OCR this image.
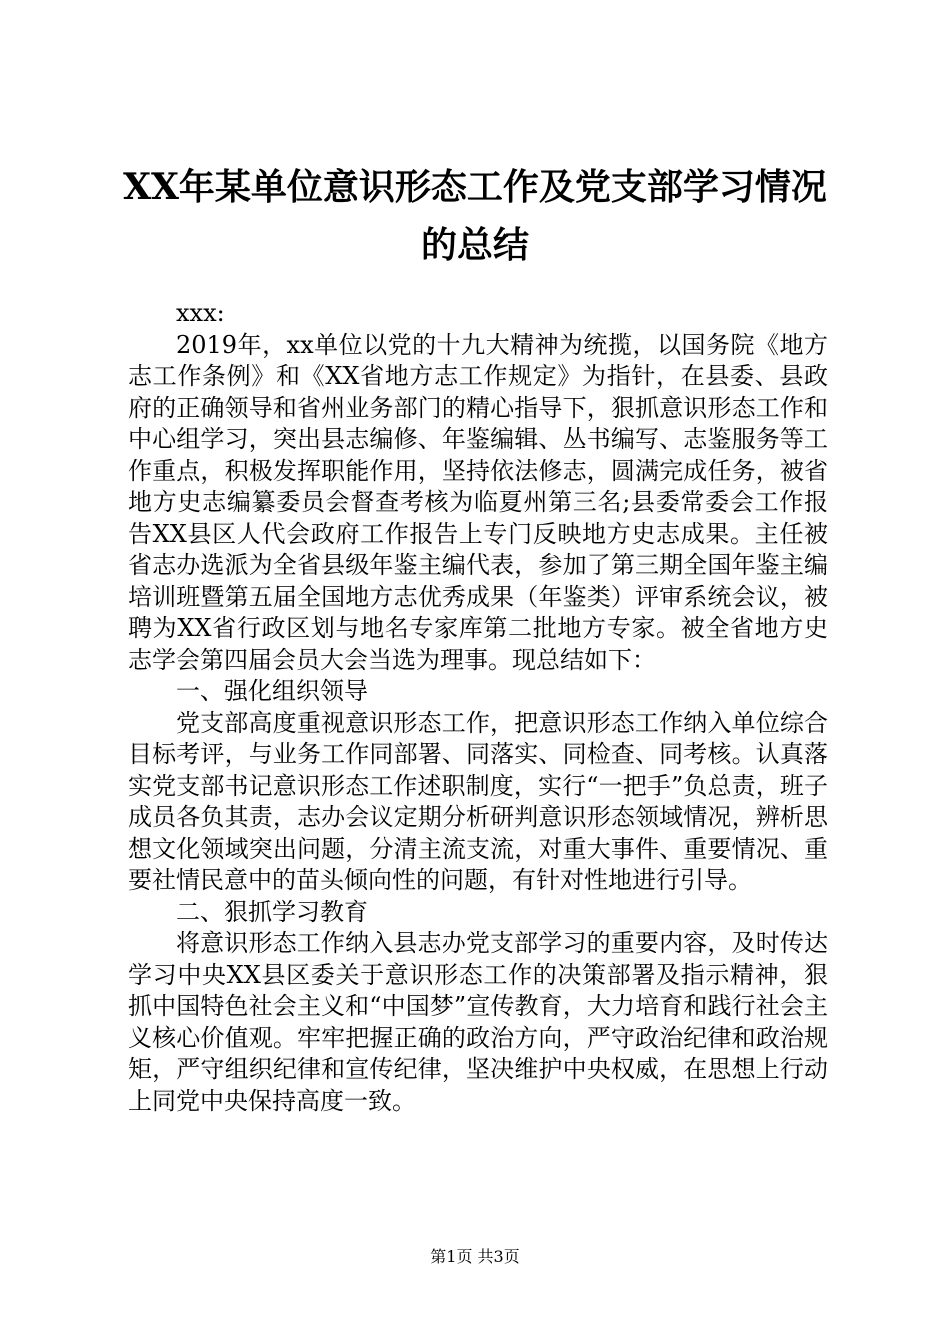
XX年某单位意识形态工作及党支部学习情况
的总结

xxx:

2019年，xx单位以党的十九大精神为统揽，以国务院《地方志工作条例》和《XX省地方志工作规定》为指针，在县委、县政府的正确领导和省州业务部门的精心指导下，狠抓意识形态工作和中心组学习，突出县志编修、年鉴编辑、丛书编写、志鉴服务等工作重点，积极发挥职能作用，坚持依法修志，圆满完成任务，被省地方史志编纂委员会督查考核为临夏州第三名;县委常委会工作报告XX县区人代会政府工作报告上专门反映地方史志成果。主任被省志办选派为全省县级年鉴主编代表，参加了第三期全国年鉴主编培训班暨第五届全国地方志优秀成果（年鉴类）评审系统会议，被聘为XX省行政区划与地名专家库第二批地方专家。被全省地方史志学会第四届会员大会当选为理事。现总结如下：

一、强化组织领导

党支部高度重视意识形态工作，把意识形态工作纳入单位综合目标考评，与业务工作同部署、同落实、同检查、同考核。认真落实党支部书记意识形态工作述职制度，实行“一把手”负总责，班子成员各负其责，志办会议定期分析研判意识形态领域情况，辨析思想文化领域突出问题，分清主流支流，对重大事件、重要情况、重要社情民意中的苗头倾向性的问题，有针对性地进行引导。

二、狠抓学习教育

将意识形态工作纳入县志办党支部学习的重要内容，及时传达学习中央XX县区委关于意识形态工作的决策部署及指示精神，狠抓中国特色社会主义和“中国梦”宣传教育，大力培育和践行社会主义核心价值观。牢牢把握正确的政治方向，严守政治纪律和政治规矩，严守组织纪律和宣传纪律，坚决维护中央权威，在思想上行动上同党中央保持高度一致。

第1页 共3页
